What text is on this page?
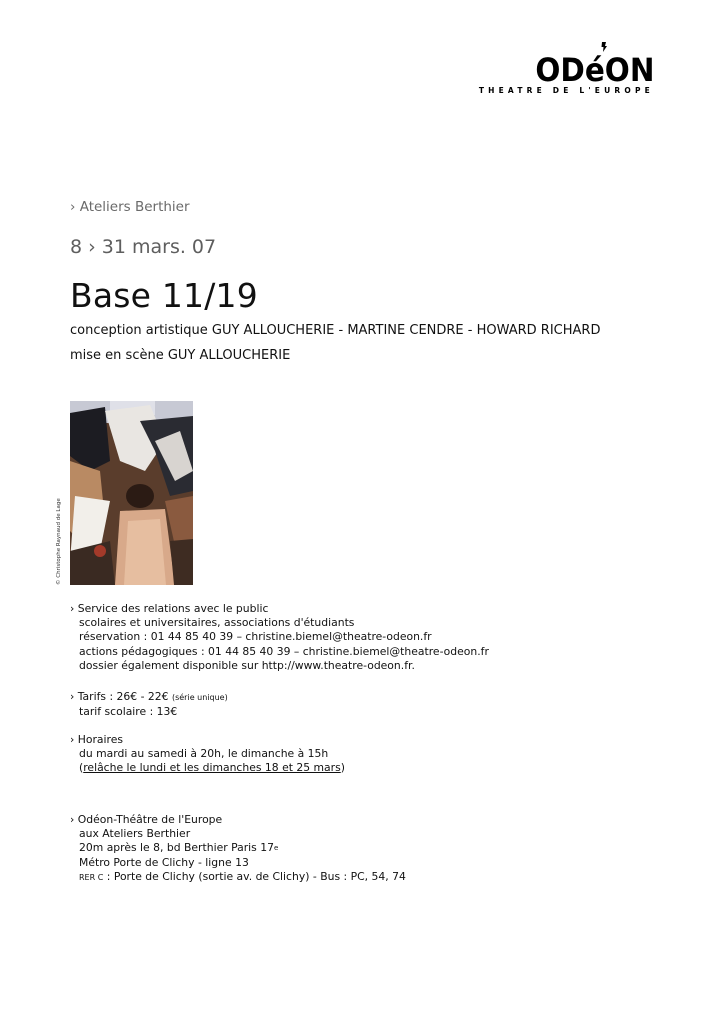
ODéON
THEATRE DE L'EUROPE
› Ateliers Berthier
8 › 31 mars. 07
Base 11/19
conception artistique GUY ALLOUCHERIE - MARTINE CENDRE - HOWARD RICHARD
mise en scène GUY ALLOUCHERIE
© Christophe Raynaud de Lage
› Service des relations avec le public
scolaires et universitaires, associations d'étudiants
réservation : 01 44 85 40 39 – christine.biemel@theatre-odeon.fr
actions pédagogiques : 01 44 85 40 39 – christine.biemel@theatre-odeon.fr
dossier également disponible sur http://www.theatre-odeon.fr.
› Tarifs : 26€ - 22€ (série unique)
tarif scolaire : 13€
› Horaires
du mardi au samedi à 20h, le dimanche à 15h
(relâche le lundi et les dimanches 18 et 25 mars)
› Odéon-Théâtre de l'Europe
aux Ateliers Berthier
20m après le 8, bd Berthier Paris 17e
Métro Porte de Clichy - ligne 13
RER C : Porte de Clichy (sortie av. de Clichy) - Bus : PC, 54, 74
